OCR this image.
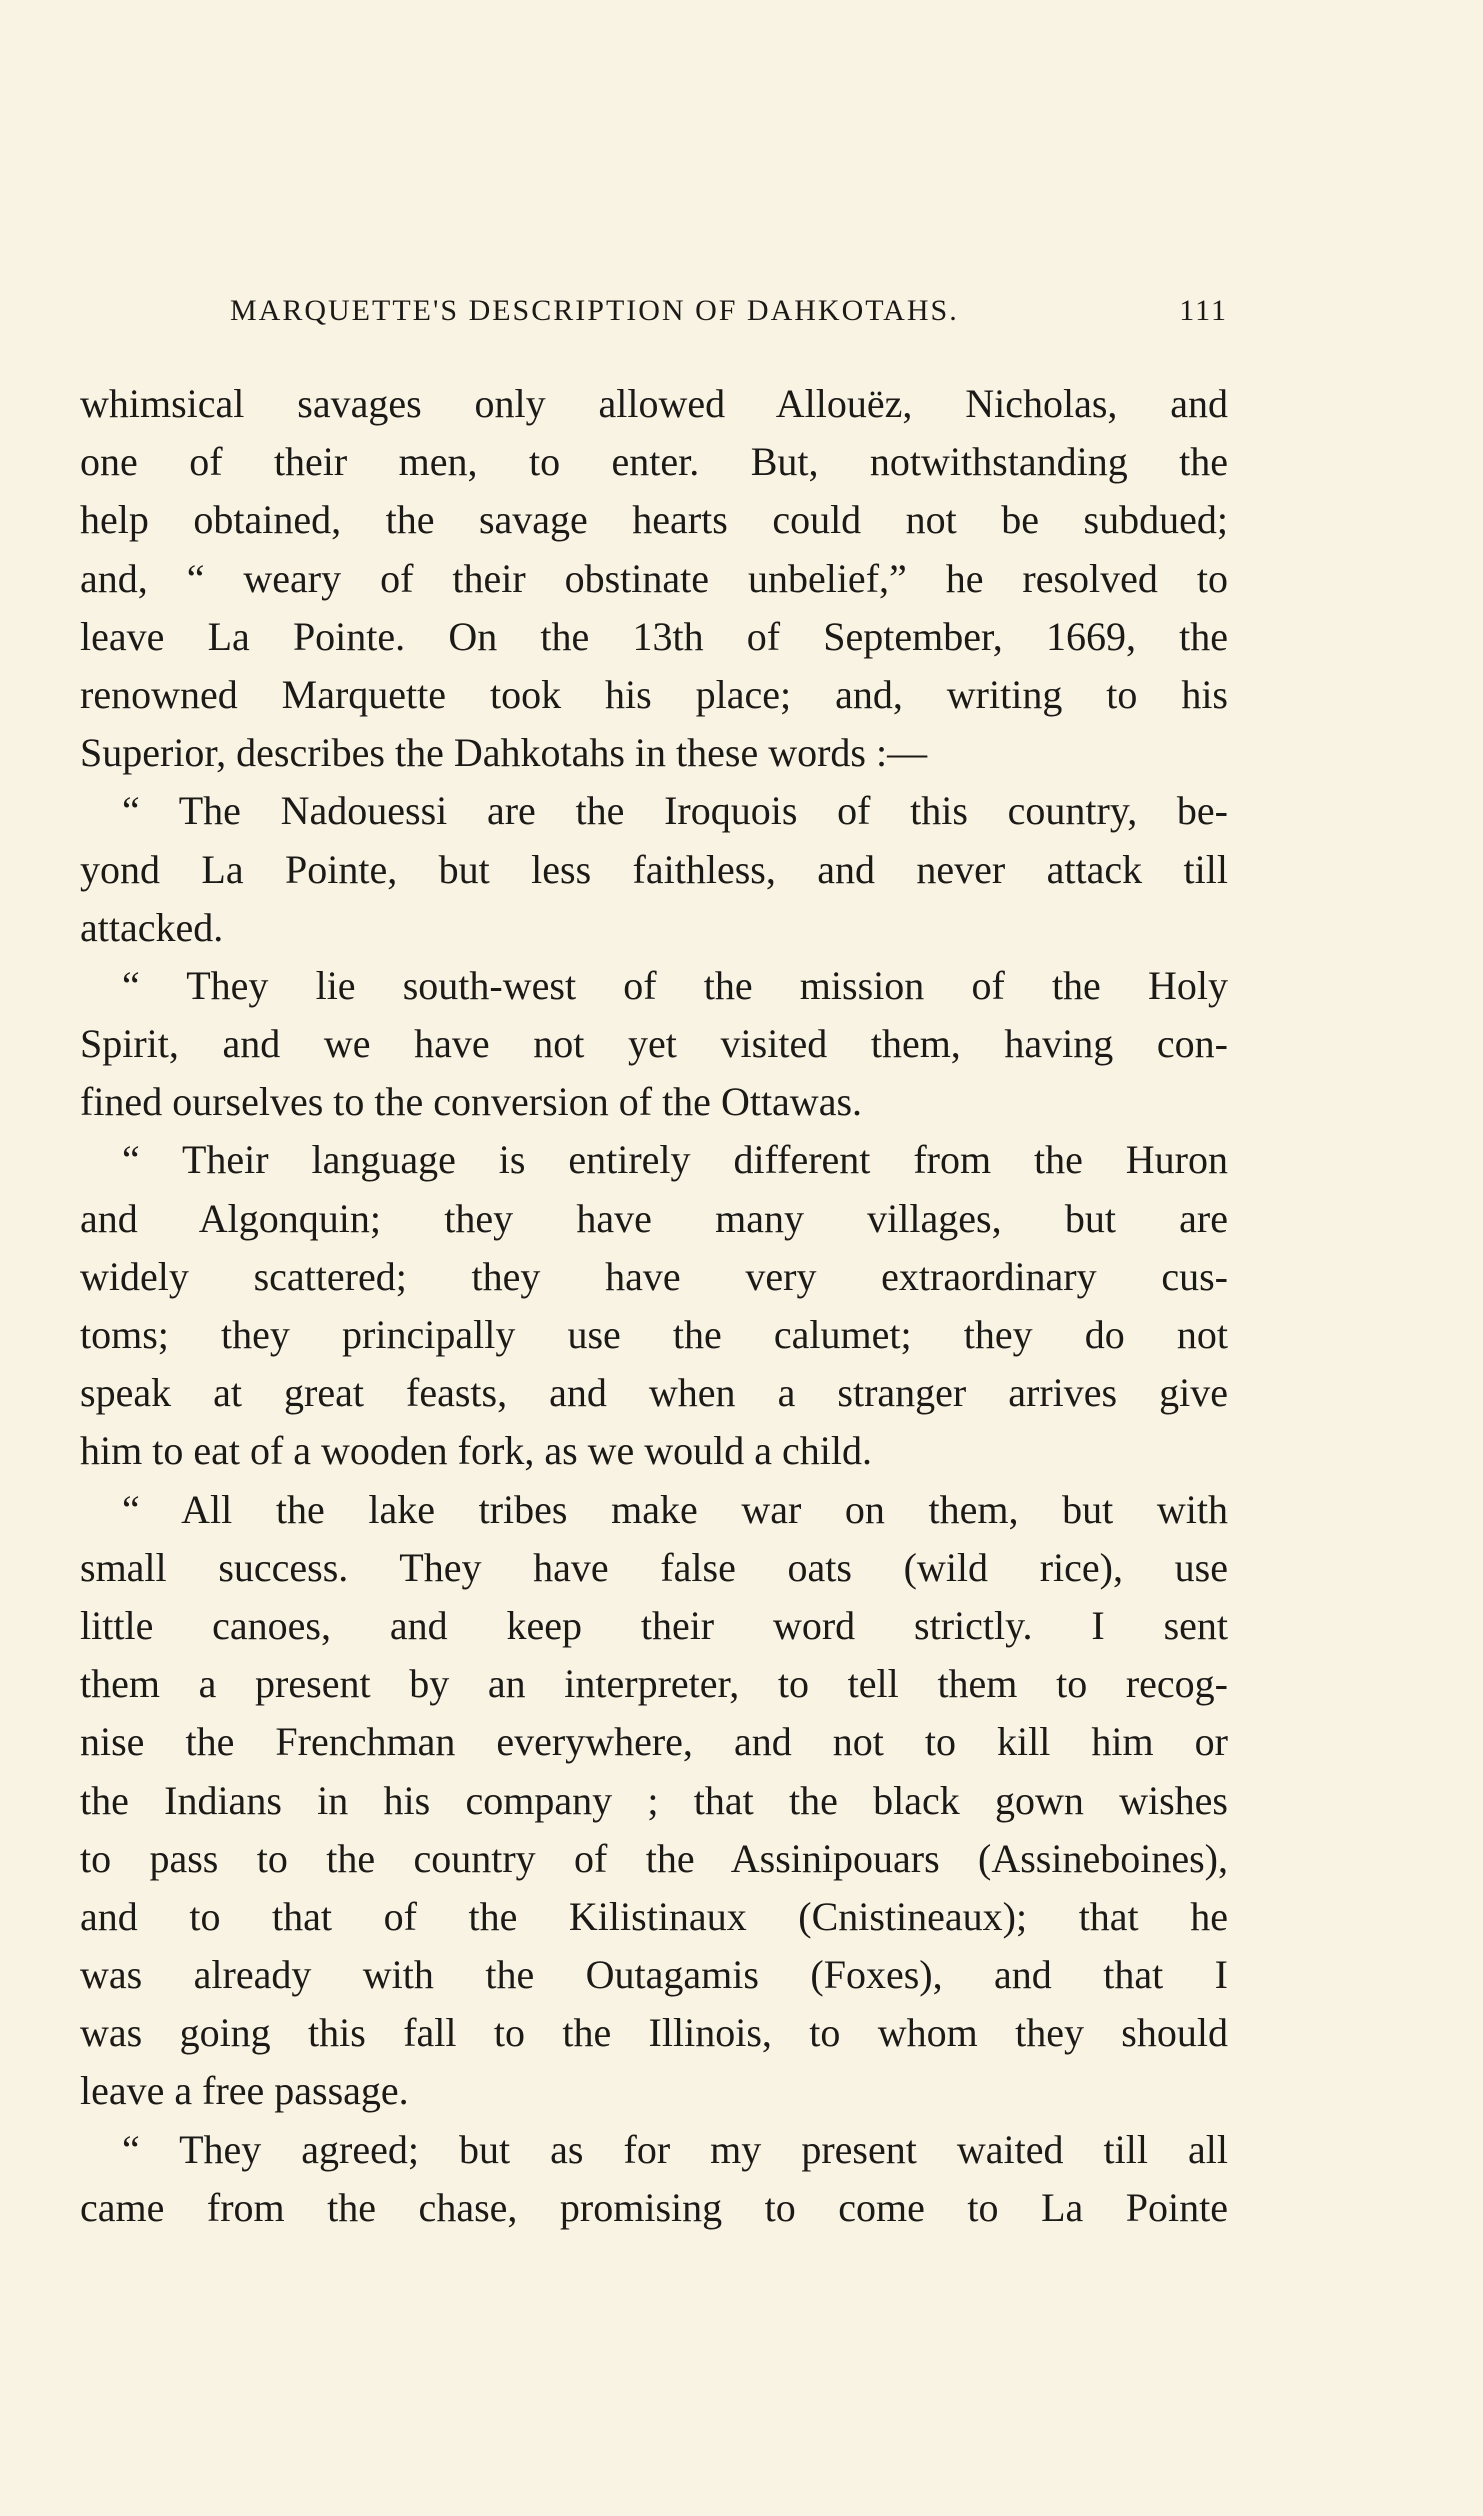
MARQUETTE'S DESCRIPTION OF DAHKOTAHS.	111
whimsical savages only allowed Allouëz, Nicholas, and
one of their men, to enter. But, notwithstanding the
help obtained, the savage hearts could not be subdued;
and, “ weary of their obstinate unbelief,” he resolved to
leave La Pointe. On the 13th of September, 1669, the
renowned Marquette took his place; and, writing to his
Superior, describes the Dahkotahs in these words :—
“ The Nadouessi are the Iroquois of this country, be-
yond La Pointe, but less faithless, and never attack till
attacked.
“ They lie south-west of the mission of the Holy
Spirit, and we have not yet visited them, having con-
fined ourselves to the conversion of the Ottawas.
“ Their language is entirely different from the Huron
and Algonquin; they have many villages, but are
widely scattered; they have very extraordinary cus-
toms; they principally use the calumet; they do not
speak at great feasts, and when a stranger arrives give
him to eat of a wooden fork, as we would a child.
“ All the lake tribes make war on them, but with
small success. They have false oats (wild rice), use
little canoes, and keep their word strictly. I sent
them a present by an interpreter, to tell them to recog-
nise the Frenchman everywhere, and not to kill him or
the Indians in his company ; that the black gown wishes
to pass to the country of the Assinipouars (Assineboines),
and to that of the Kilistinaux (Cnistineaux); that he
was already with the Outagamis (Foxes), and that I
was going this fall to the Illinois, to whom they should
leave a free passage.
“ They agreed; but as for my present waited till all
came from the chase, promising to come to La Pointe
